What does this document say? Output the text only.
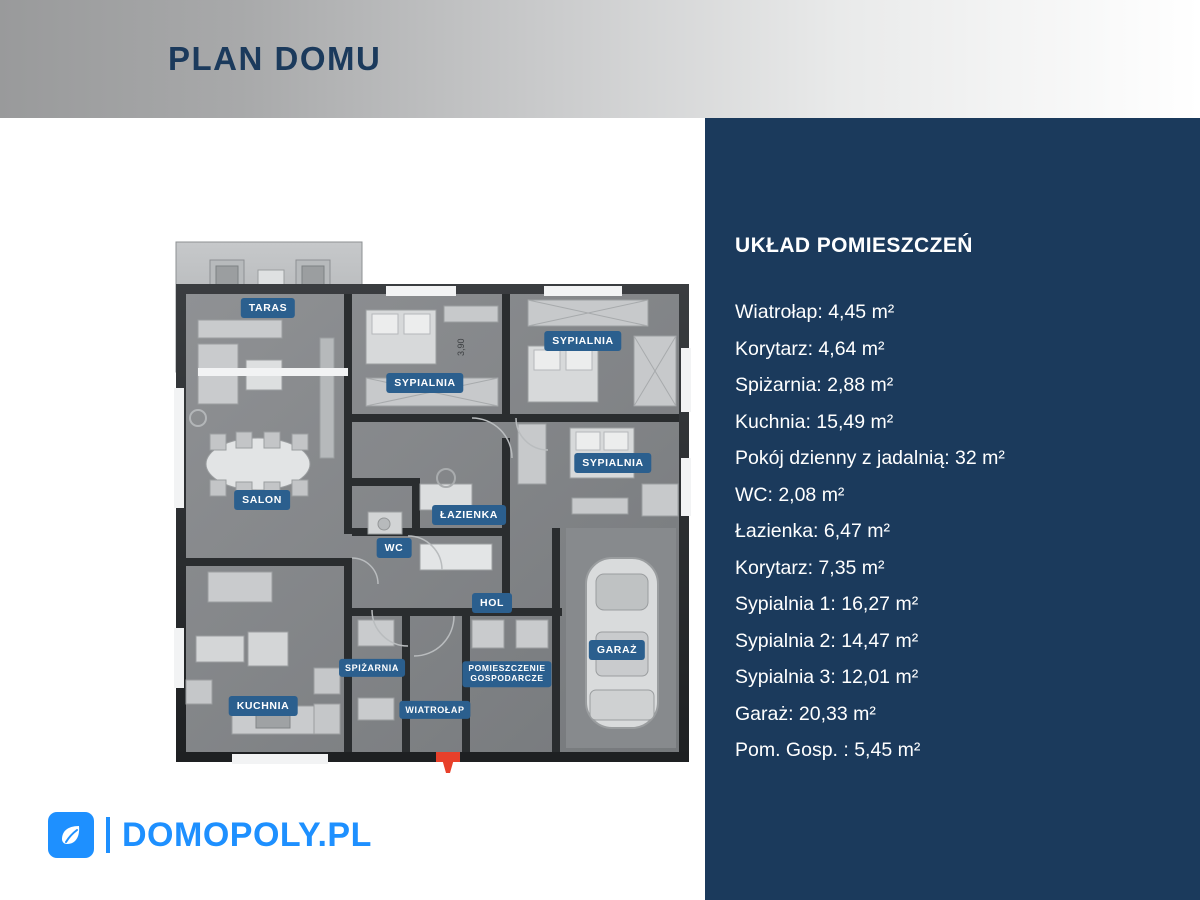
PLAN DOMU
3,90
TARAS
SYPIALNIA
SYPIALNIA
SYPIALNIA
SALON
ŁAZIENKA
WC
HOL
GARAŻ
SPIŻARNIA	POMIESZCZENIE
GOSPODARCZE
WIATROŁAP
KUCHNIA
UKŁAD POMIESZCZEŃ
Wiatrołap: 4,45 m²
Korytarz: 4,64 m²
Spiżarnia: 2,88 m²
Kuchnia: 15,49 m²
Pokój dzienny z jadalnią: 32 m²
WC: 2,08 m²
Łazienka: 6,47 m²
Korytarz: 7,35 m²
Sypialnia 1: 16,27 m²
Sypialnia 2: 14,47 m²
Sypialnia 3: 12,01 m²
Garaż: 20,33 m²
Pom. Gosp. : 5,45 m²
DOMOPOLY.PL
